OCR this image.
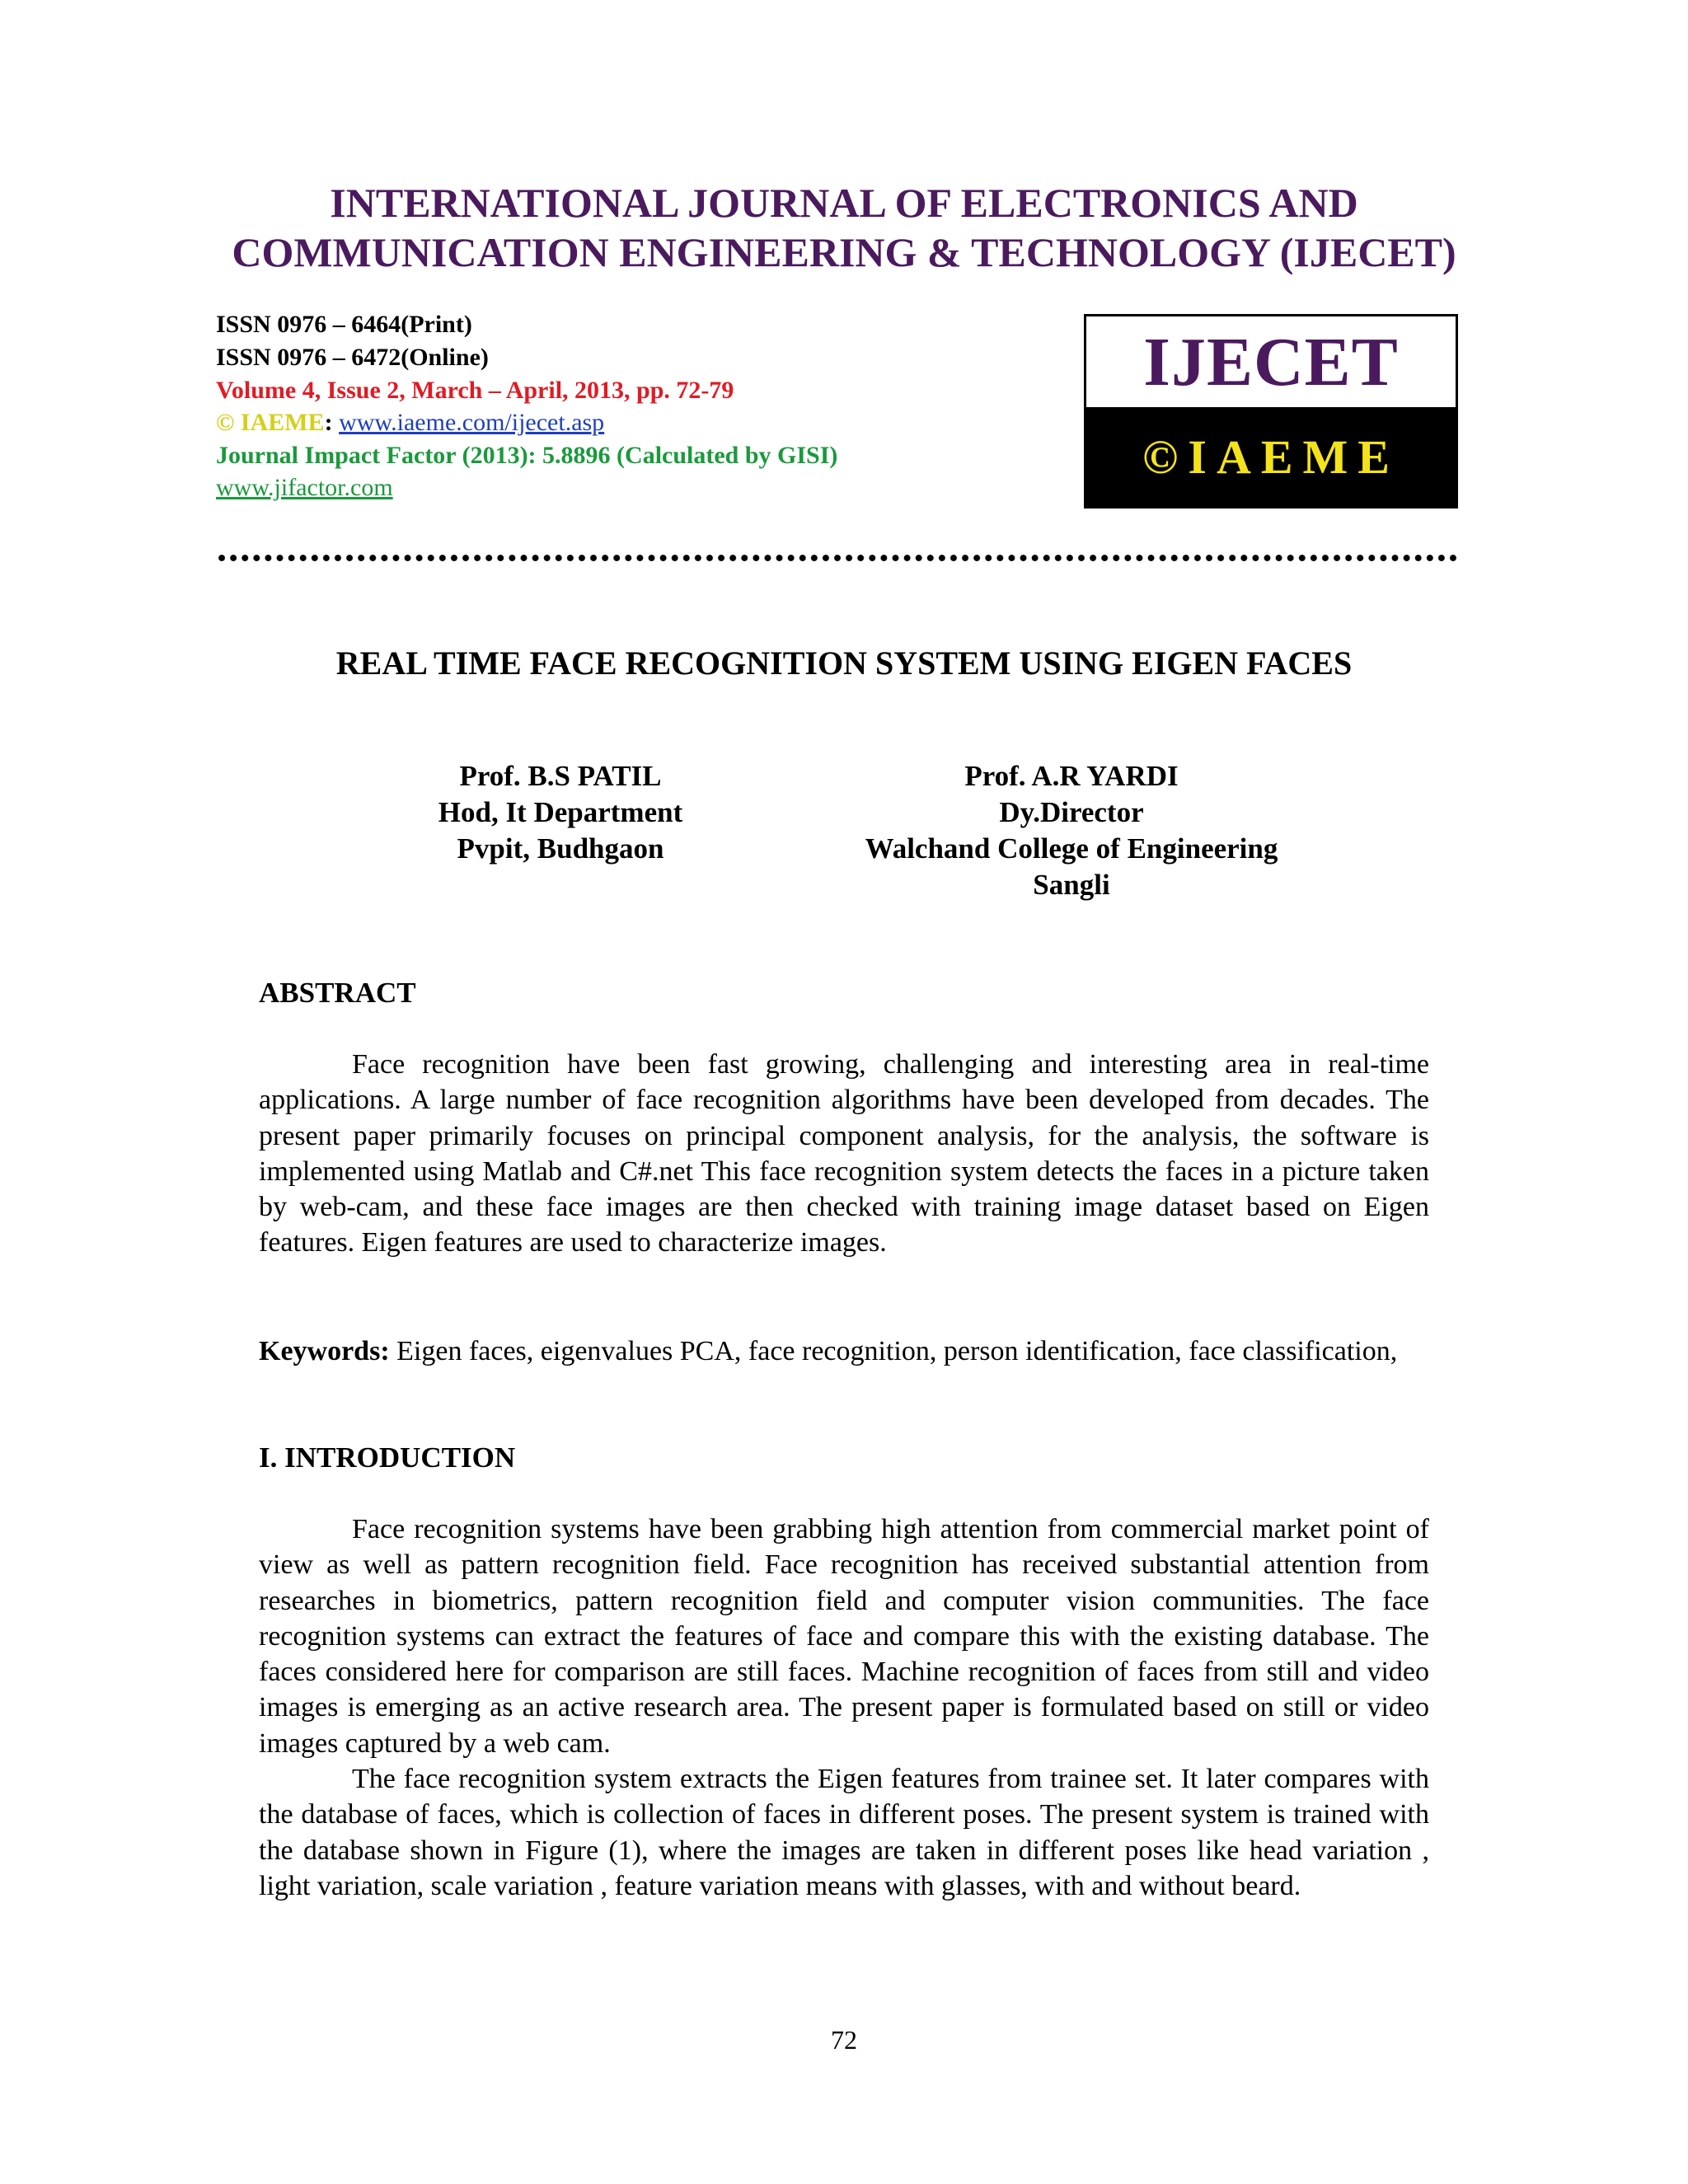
INTERNATIONAL JOURNAL OF ELECTRONICS AND
COMMUNICATION ENGINEERING & TECHNOLOGY (IJECET)
ISSN 0976 – 6464(Print)
ISSN 0976 – 6472(Online)
Volume 4, Issue 2, March – April, 2013, pp. 72-79
© IAEME: www.iaeme.com/ijecet.asp
Journal Impact Factor (2013): 5.8896 (Calculated by GISI)
www.jifactor.com
IJECET
©IAEME
REAL TIME FACE RECOGNITION SYSTEM USING EIGEN FACES
Prof. B.S PATIL
Hod, It Department
Pvpit, Budhgaon
Prof. A.R YARDI
Dy.Director
Walchand College of Engineering
Sangli
ABSTRACT

Face recognition have been fast growing, challenging and interesting area in real-time applications. A large number of face recognition algorithms have been developed from decades. The present paper primarily focuses on principal component analysis, for the analysis, the software is implemented using Matlab and C#.net This face recognition system detects the faces in a picture taken by web-cam, and these face images are then checked with training image dataset based on Eigen features. Eigen features are used to characterize images.

Keywords: Eigen faces, eigenvalues PCA, face recognition, person identification, face classification,

I. INTRODUCTION

Face recognition systems have been grabbing high attention from commercial market point of view as well as pattern recognition field. Face recognition has received substantial attention from researches in biometrics, pattern recognition field and computer vision communities. The face recognition systems can extract the features of face and compare this with the existing database. The faces considered here for comparison are still faces. Machine recognition of faces from still and video images is emerging as an active research area. The present paper is formulated based on still or video images captured by a web cam.

The face recognition system extracts the Eigen features from trainee set. It later compares with the database of faces, which is collection of faces in different poses. The present system is trained with the database shown in Figure (1), where the images are taken in different poses like head variation , light variation, scale variation , feature variation means with glasses, with and without beard.

72
